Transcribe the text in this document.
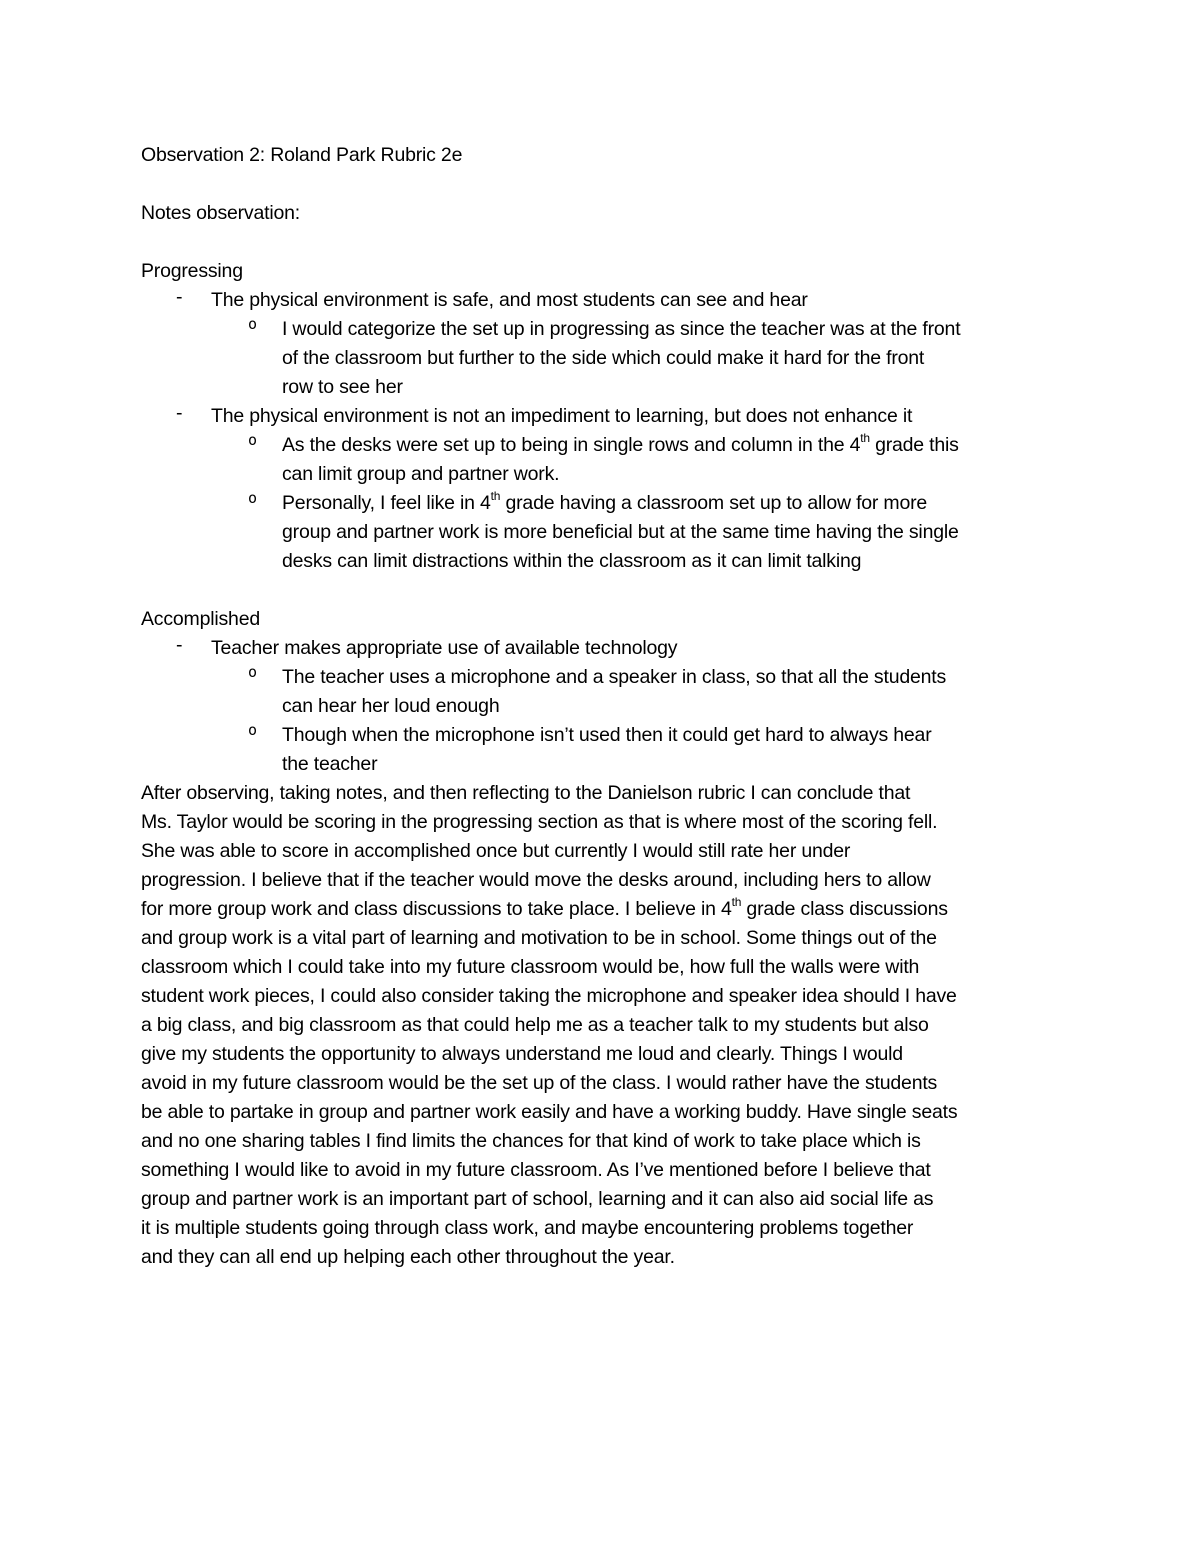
Observation 2: Roland Park Rubric 2e
Notes observation:
Progressing
- The physical environment is safe, and most students can see and hear
o I would categorize the set up in progressing as since the teacher was at the front
of the classroom but further to the side which could make it hard for the front
row to see her
- The physical environment is not an impediment to learning, but does not enhance it
o As the desks were set up to being in single rows and column in the 4th grade this
can limit group and partner work.
o Personally, I feel like in 4th grade having a classroom set up to allow for more
group and partner work is more beneficial but at the same time having the single
desks can limit distractions within the classroom as it can limit talking
Accomplished
- Teacher makes appropriate use of available technology
o The teacher uses a microphone and a speaker in class, so that all the students
can hear her loud enough
o Though when the microphone isn’t used then it could get hard to always hear
the teacher
After observing, taking notes, and then reflecting to the Danielson rubric I can conclude that
Ms. Taylor would be scoring in the progressing section as that is where most of the scoring fell.
She was able to score in accomplished once but currently I would still rate her under
progression. I believe that if the teacher would move the desks around, including hers to allow
for more group work and class discussions to take place. I believe in 4th grade class discussions
and group work is a vital part of learning and motivation to be in school. Some things out of the
classroom which I could take into my future classroom would be, how full the walls were with
student work pieces, I could also consider taking the microphone and speaker idea should I have
a big class, and big classroom as that could help me as a teacher talk to my students but also
give my students the opportunity to always understand me loud and clearly. Things I would
avoid in my future classroom would be the set up of the class. I would rather have the students
be able to partake in group and partner work easily and have a working buddy. Have single seats
and no one sharing tables I find limits the chances for that kind of work to take place which is
something I would like to avoid in my future classroom. As I’ve mentioned before I believe that
group and partner work is an important part of school, learning and it can also aid social life as
it is multiple students going through class work, and maybe encountering problems together
and they can all end up helping each other throughout the year.
